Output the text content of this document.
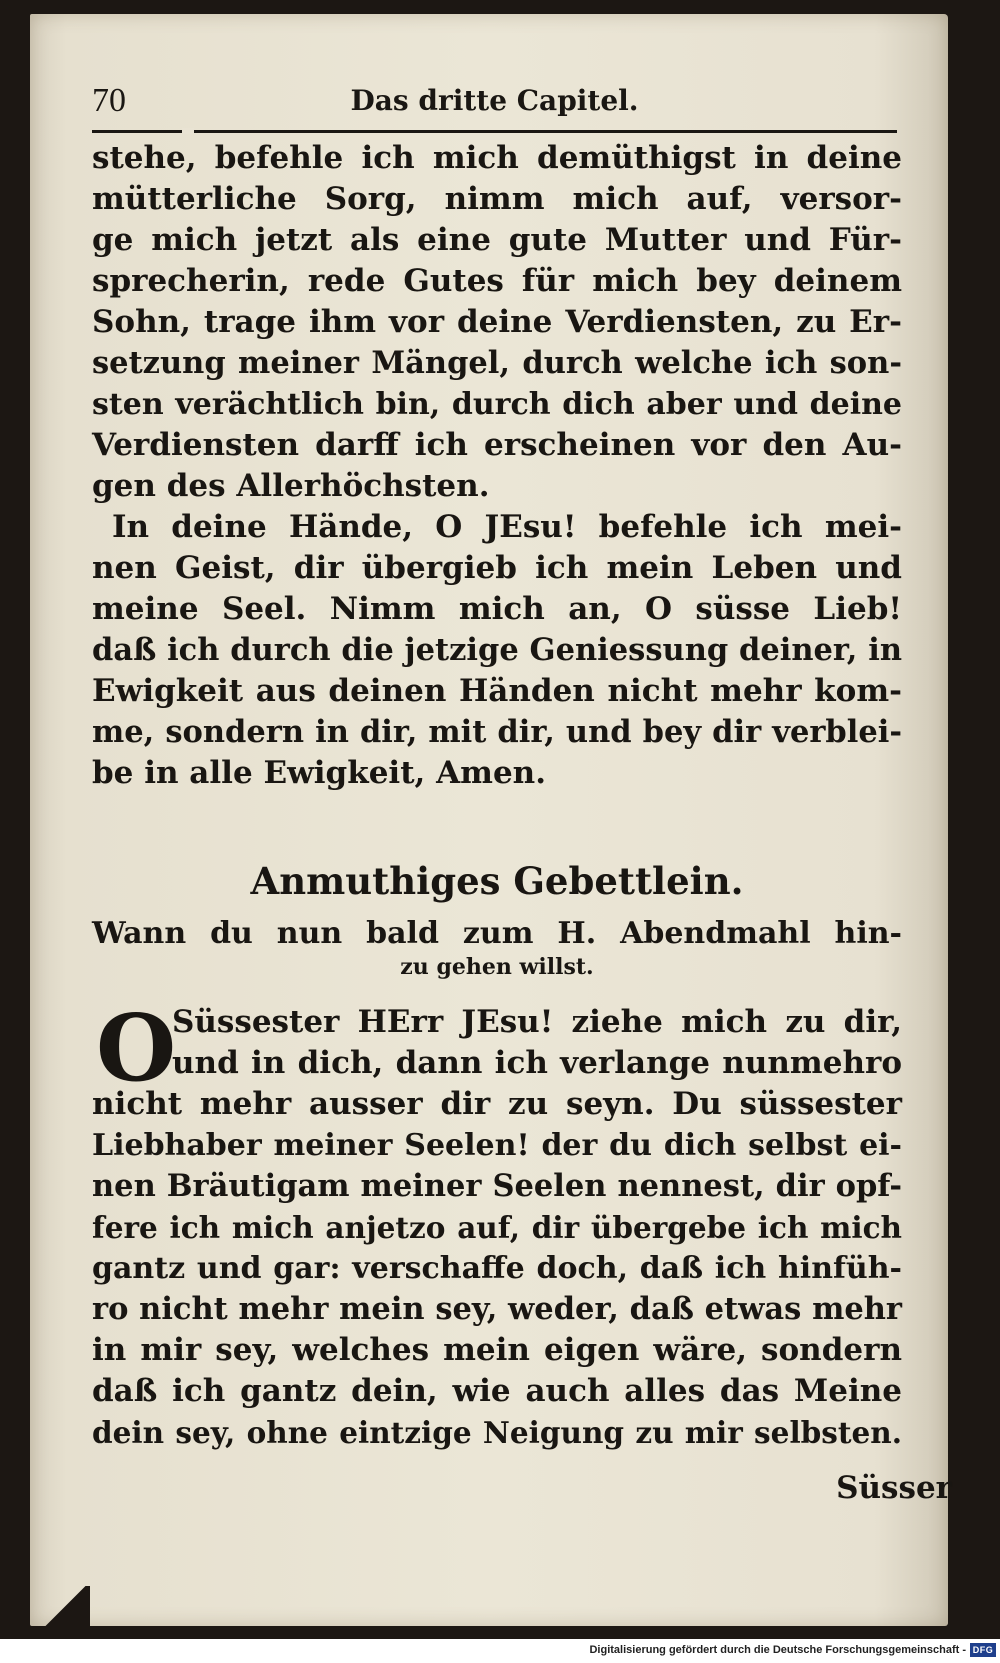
70	Das dritte Capitel.
stehe, befehle ich mich demüthigst in deine
mütterliche Sorg, nimm mich auf, versor-
ge mich jetzt als eine gute Mutter und Für-
sprecherin, rede Gutes für mich bey deinem
Sohn, trage ihm vor deine Verdiensten, zu Er-
setzung meiner Mängel, durch welche ich son-
sten verächtlich bin, durch dich aber und deine
Verdiensten darff ich erscheinen vor den Au-
gen des Allerhöchsten.
In deine Hände, O JEsu! befehle ich mei-
nen Geist, dir übergieb ich mein Leben und
meine Seel. Nimm mich an, O süsse Lieb!
daß ich durch die jetzige Geniessung deiner, in
Ewigkeit aus deinen Händen nicht mehr kom-
me, sondern in dir, mit dir, und bey dir verblei-
be in alle Ewigkeit, Amen.
Anmuthiges Gebettlein.
Wann du nun bald zum H. Abendmahl hin-
zu gehen willst.
O
Süssester HErr JEsu! ziehe mich zu dir,
und in dich, dann ich verlange nunmehro
nicht mehr ausser dir zu seyn. Du süssester
Liebhaber meiner Seelen! der du dich selbst ei-
nen Bräutigam meiner Seelen nennest, dir opf-
fere ich mich anjetzo auf, dir übergebe ich mich
gantz und gar: verschaffe doch, daß ich hinfüh-
ro nicht mehr mein sey, weder, daß etwas mehr
in mir sey, welches mein eigen wäre, sondern
daß ich gantz dein, wie auch alles das Meine
dein sey, ohne eintzige Neigung zu mir selbsten.
Süsser
Digitalisierung gefördert durch die Deutsche Forschungsgemeinschaft - DFG
